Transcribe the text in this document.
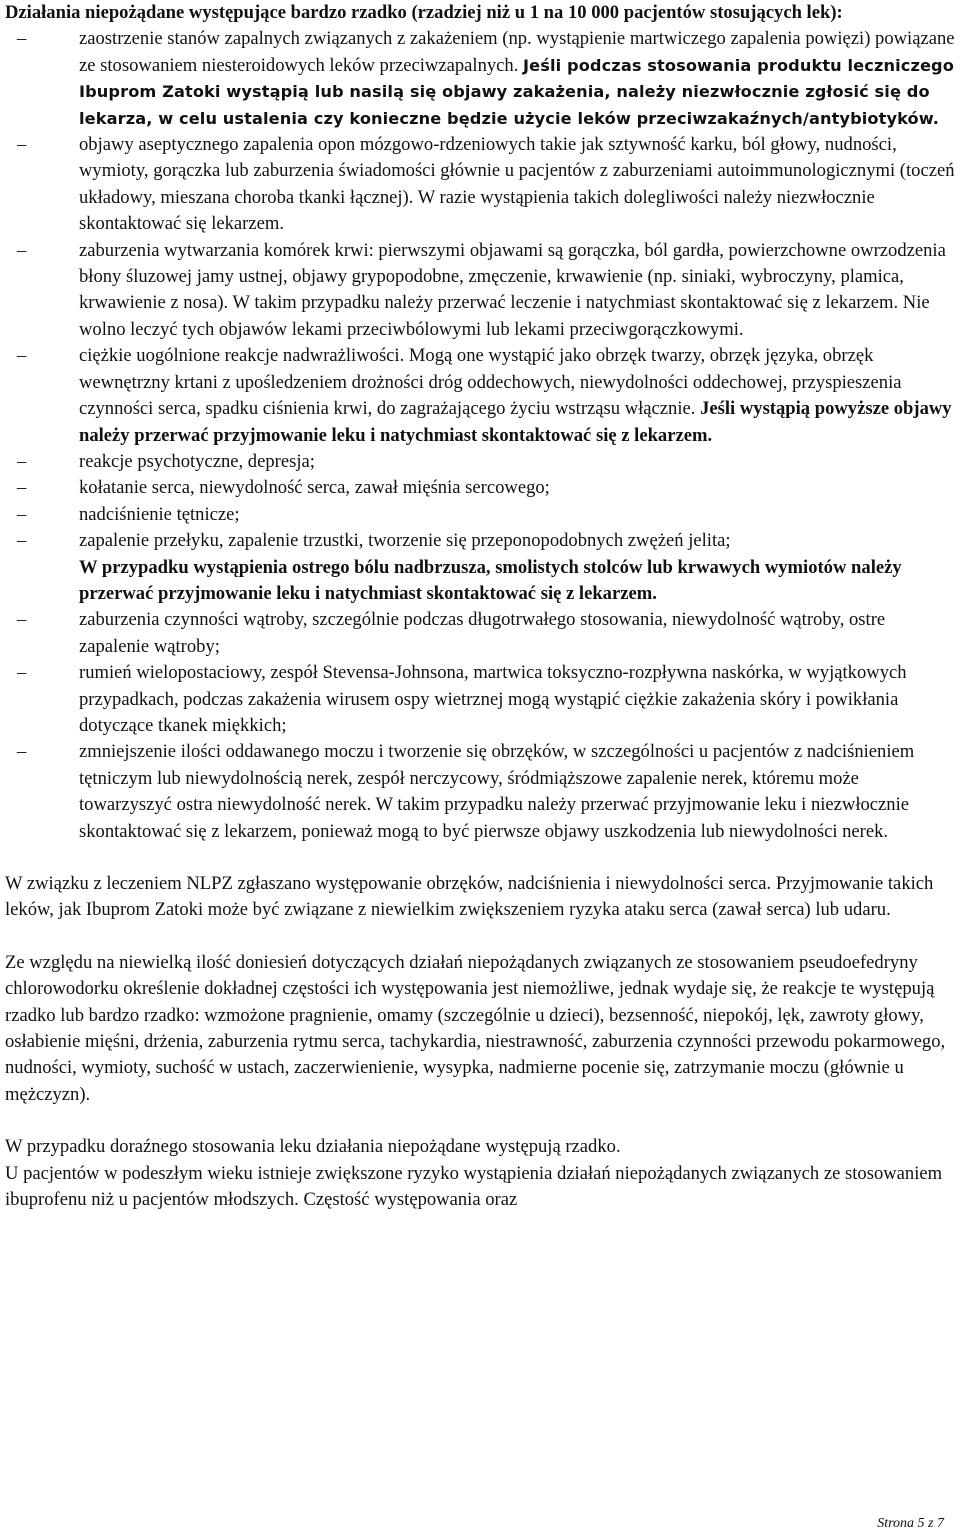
Działania niepożądane występujące bardzo rzadko (rzadziej niż u 1 na 10 000 pacjentów stosujących lek):

–	zaostrzenie stanów zapalnych związanych z zakażeniem (np. wystąpienie martwiczego zapalenia powięzi) powiązane ze stosowaniem niesteroidowych leków przeciwzapalnych. Jeśli podczas stosowania produktu leczniczego Ibuprom Zatoki wystąpią lub nasilą się objawy zakażenia, należy niezwłocznie zgłosić się do lekarza, w celu ustalenia czy konieczne będzie użycie leków przeciwzakaźnych/antybiotyków.
–	objawy aseptycznego zapalenia opon mózgowo-rdzeniowych takie jak sztywność karku, ból głowy, nudności, wymioty, gorączka lub zaburzenia świadomości głównie u pacjentów z zaburzeniami autoimmunologicznymi (toczeń układowy, mieszana choroba tkanki łącznej). W razie wystąpienia takich dolegliwości należy niezwłocznie skontaktować się lekarzem.
–	zaburzenia wytwarzania komórek krwi: pierwszymi objawami są gorączka, ból gardła, powierzchowne owrzodzenia błony śluzowej jamy ustnej, objawy grypopodobne, zmęczenie, krwawienie (np. siniaki, wybroczyny, plamica, krwawienie z nosa). W takim przypadku należy przerwać leczenie i natychmiast skontaktować się z lekarzem. Nie wolno leczyć tych objawów lekami przeciwbólowymi lub lekami przeciwgorączkowymi.
–	ciężkie uogólnione reakcje nadwrażliwości. Mogą one wystąpić jako obrzęk twarzy, obrzęk języka, obrzęk wewnętrzny krtani z upośledzeniem drożności dróg oddechowych, niewydolności oddechowej, przyspieszenia czynności serca, spadku ciśnienia krwi, do zagrażającego życiu wstrząsu włącznie. Jeśli wystąpią powyższe objawy należy przerwać przyjmowanie leku i natychmiast skontaktować się z lekarzem.
–	reakcje psychotyczne, depresja;
–	kołatanie serca, niewydolność serca, zawał mięśnia sercowego;
–	nadciśnienie tętnicze;
–	zapalenie przełyku, zapalenie trzustki, tworzenie się przeponopodobnych zwężeń jelita;
W przypadku wystąpienia ostrego bólu nadbrzusza, smolistych stolców lub krwawych wymiotów należy przerwać przyjmowanie leku i natychmiast skontaktować się z lekarzem.
–	zaburzenia czynności wątroby, szczególnie podczas długotrwałego stosowania, niewydolność wątroby, ostre zapalenie wątroby;
–	rumień wielopostaciowy, zespół Stevensa-Johnsona, martwica toksyczno-rozpływna naskórka, w wyjątkowych przypadkach, podczas zakażenia wirusem ospy wietrznej mogą wystąpić ciężkie zakażenia skóry i powikłania dotyczące tkanek miękkich;
–	zmniejszenie ilości oddawanego moczu i tworzenie się obrzęków, w szczególności u pacjentów z nadciśnieniem tętniczym lub niewydolnością nerek, zespół nerczycowy, śródmiąższowe zapalenie nerek, któremu może towarzyszyć ostra niewydolność nerek. W takim przypadku należy przerwać przyjmowanie leku i niezwłocznie skontaktować się z lekarzem, ponieważ mogą to być pierwsze objawy uszkodzenia lub niewydolności nerek.

W związku z leczeniem NLPZ zgłaszano występowanie obrzęków, nadciśnienia i niewydolności serca. Przyjmowanie takich leków, jak Ibuprom Zatoki może być związane z niewielkim zwiększeniem ryzyka ataku serca (zawał serca) lub udaru.

Ze względu na niewielką ilość doniesień dotyczących działań niepożądanych związanych ze stosowaniem pseudoefedryny chlorowodorku określenie dokładnej częstości ich występowania jest niemożliwe, jednak wydaje się, że reakcje te występują rzadko lub bardzo rzadko: wzmożone pragnienie, omamy (szczególnie u dzieci), bezsenność, niepokój, lęk, zawroty głowy, osłabienie mięśni, drżenia, zaburzenia rytmu serca, tachykardia, niestrawność, zaburzenia czynności przewodu pokarmowego, nudności, wymioty, suchość w ustach, zaczerwienienie, wysypka, nadmierne pocenie się, zatrzymanie moczu (głównie u mężczyzn).

W przypadku doraźnego stosowania leku działania niepożądane występują rzadko.

U pacjentów w podeszłym wieku istnieje zwiększone ryzyko wystąpienia działań niepożądanych związanych ze stosowaniem ibuprofenu niż u pacjentów młodszych. Częstość występowania oraz

Strona 5 z 7
